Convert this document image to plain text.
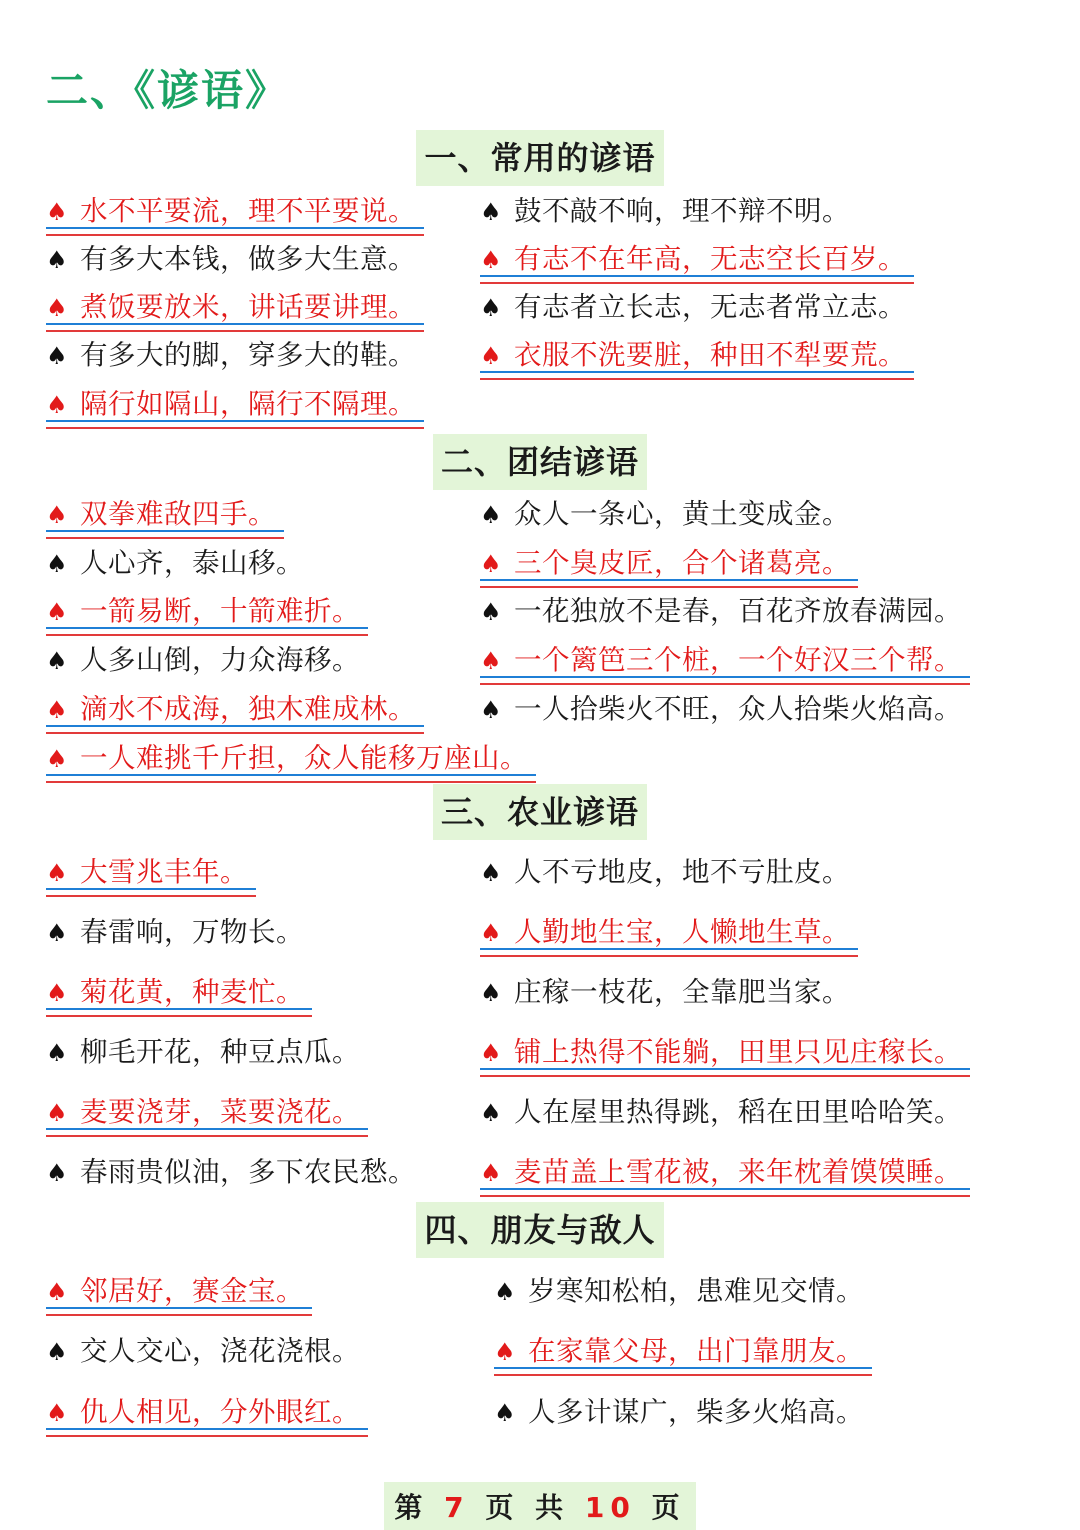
二、《谚语》
一、常用的谚语
♠ 水不平要流，理不平要说。	♠ 鼓不敲不响，理不辩不明。
♠ 有多大本钱，做多大生意。	♠ 有志不在年高，无志空长百岁。
♠ 煮饭要放米，讲话要讲理。	♠ 有志者立长志，无志者常立志。
♠ 有多大的脚，穿多大的鞋。	♠ 衣服不洗要脏，种田不犁要荒。
♠ 隔行如隔山，隔行不隔理。
二、团结谚语
♠ 双拳难敌四手。	♠ 众人一条心，黄土变成金。
♠ 人心齐，泰山移。	♠ 三个臭皮匠，合个诸葛亮。
♠ 一箭易断，十箭难折。	♠ 一花独放不是春，百花齐放春满园。
♠ 人多山倒，力众海移。	♠ 一个篱笆三个桩，一个好汉三个帮。
♠ 滴水不成海，独木难成林。	♠ 一人拾柴火不旺，众人拾柴火焰高。
♠ 一人难挑千斤担，众人能移万座山。
三、农业谚语
♠ 大雪兆丰年。	♠ 人不亏地皮，地不亏肚皮。
♠ 春雷响，万物长。	♠ 人勤地生宝，人懒地生草。
♠ 菊花黄，种麦忙。	♠ 庄稼一枝花，全靠肥当家。
♠ 柳毛开花，种豆点瓜。	♠ 铺上热得不能躺，田里只见庄稼长。
♠ 麦要浇芽，菜要浇花。	♠ 人在屋里热得跳，稻在田里哈哈笑。
♠ 春雨贵似油，多下农民愁。	♠ 麦苗盖上雪花被，来年枕着馍馍睡。
四、朋友与敌人
♠ 邻居好，赛金宝。	♠ 岁寒知松柏，患难见交情。
♠ 交人交心，浇花浇根。	♠ 在家靠父母，出门靠朋友。
♠ 仇人相见，分外眼红。	♠ 人多计谋广，柴多火焰高。
第 7 页 共 10 页
